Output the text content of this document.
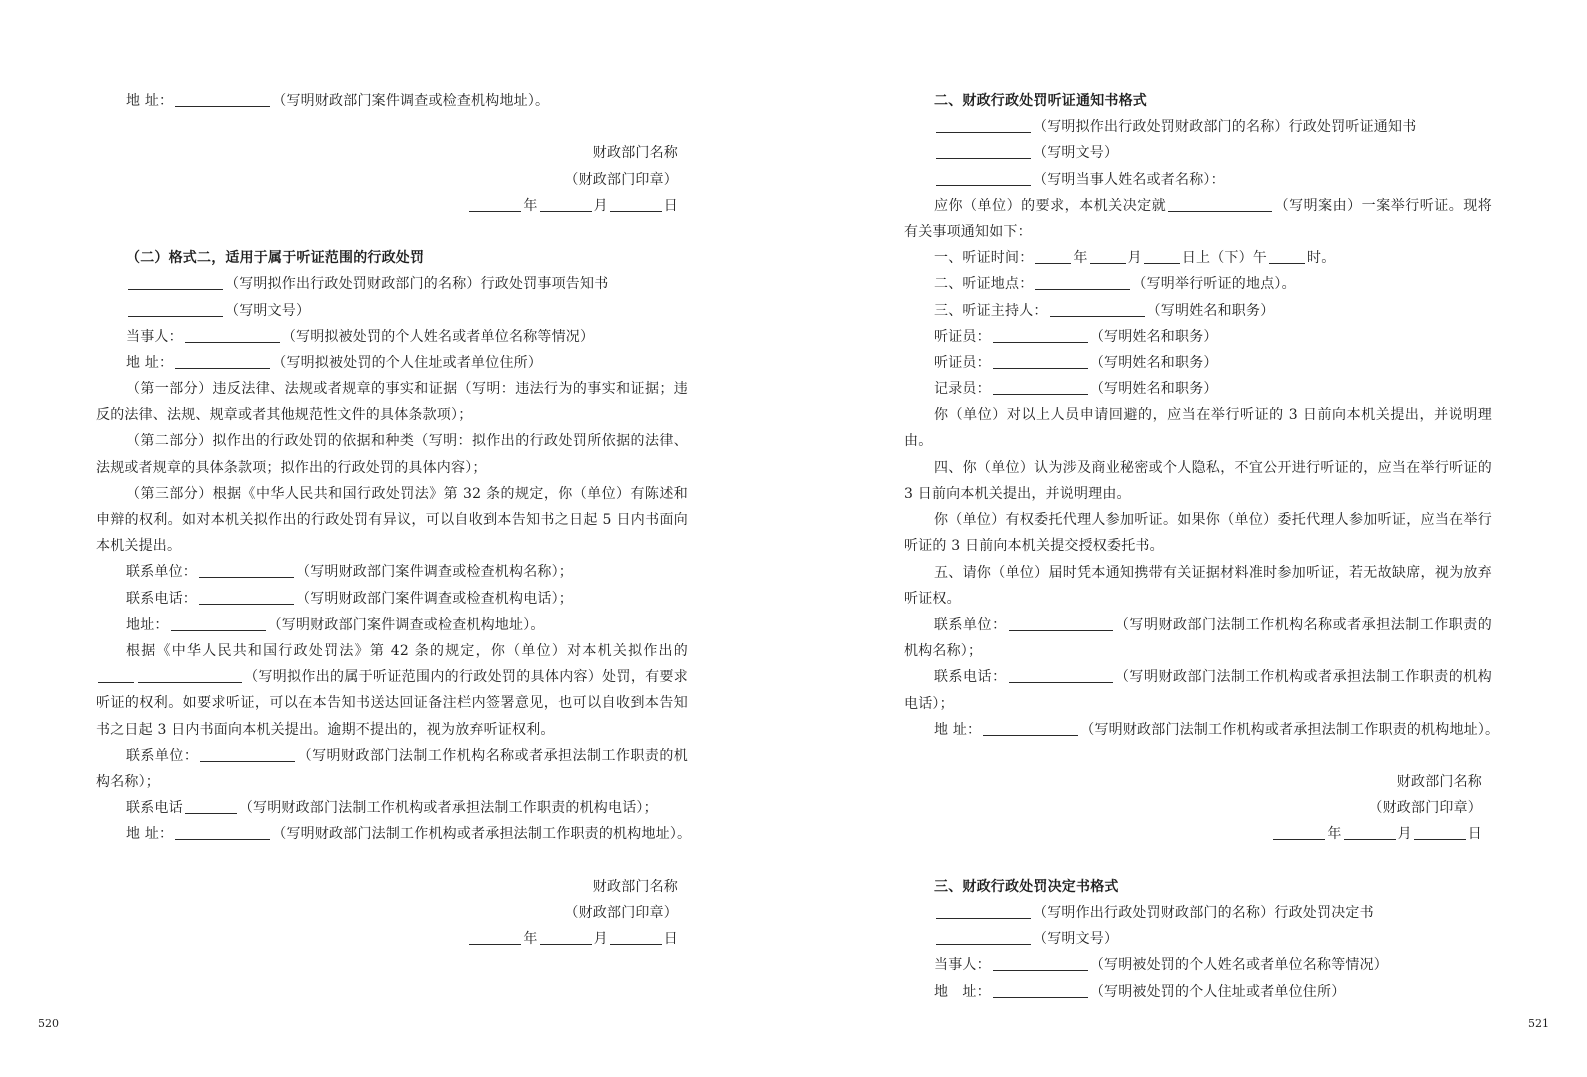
地 址：	（写明财政部门案件调查或检查机构地址）。
财政部门名称
（财政部门印章）
年	月	日
（二）格式二，适用于属于听证范围的行政处罚
（写明拟作出行政处罚财政部门的名称）行政处罚事项告知书
（写明文号）
当事人：	（写明拟被处罚的个人姓名或者单位名称等情况）
地 址：	（写明拟被处罚的个人住址或者单位住所）
（第一部分）违反法律、法规或者规章的事实和证据（写明：违法行为的事实和证据；违反的法律、法规、规章或者其他规范性文件的具体条款项）；
（第二部分）拟作出的行政处罚的依据和种类（写明：拟作出的行政处罚所依据的法律、法规或者规章的具体条款项；拟作出的行政处罚的具体内容）；
（第三部分）根据《中华人民共和国行政处罚法》第 32 条的规定，你（单位）有陈述和申辩的权利。如对本机关拟作出的行政处罚有异议，可以自收到本告知书之日起 5 日内书面向本机关提出。
联系单位：	（写明财政部门案件调查或检查机构名称）；
联系电话：	（写明财政部门案件调查或检查机构电话）；
地址：	（写明财政部门案件调查或检查机构地址）。
根据《中华人民共和国行政处罚法》第 42 条的规定，你（单位）对本机关拟作出的（写明拟作出的属于听证范围内的行政处罚的具体内容）处罚，有要求听证的权利。如要求听证，可以在本告知书送达回证备注栏内签署意见，也可以自收到本告知书之日起 3 日内书面向本机关提出。逾期不提出的，视为放弃听证权利。
联系单位：	（写明财政部门法制工作机构名称或者承担法制工作职责的机构名称）；
联系电话	（写明财政部门法制工作机构或者承担法制工作职责的机构电话）；
地 址：	（写明财政部门法制工作机构或者承担法制工作职责的机构地址）。
财政部门名称
（财政部门印章）
年	月	日
520
二、财政行政处罚听证通知书格式
（写明拟作出行政处罚财政部门的名称）行政处罚听证通知书
（写明文号）
（写明当事人姓名或者名称）：
应你（单位）的要求，本机关决定就	（写明案由）一案举行听证。现将有关事项通知如下：
一、听证时间：	年	月	日上（下）午	时。
二、听证地点：	（写明举行听证的地点）。
三、听证主持人：	（写明姓名和职务）
听证员：	（写明姓名和职务）
听证员：	（写明姓名和职务）
记录员：	（写明姓名和职务）
你（单位）对以上人员申请回避的，应当在举行听证的 3 日前向本机关提出，并说明理由。
四、你（单位）认为涉及商业秘密或个人隐私，不宜公开进行听证的，应当在举行听证的 3 日前向本机关提出，并说明理由。
你（单位）有权委托代理人参加听证。如果你（单位）委托代理人参加听证，应当在举行听证的 3 日前向本机关提交授权委托书。
五、请你（单位）届时凭本通知携带有关证据材料准时参加听证，若无故缺席，视为放弃听证权。
联系单位：	（写明财政部门法制工作机构名称或者承担法制工作职责的机构名称）；
联系电话：	（写明财政部门法制工作机构或者承担法制工作职责的机构电话）；
地 址：	（写明财政部门法制工作机构或者承担法制工作职责的机构地址）。
财政部门名称
（财政部门印章）
年	月	日
三、财政行政处罚决定书格式
（写明作出行政处罚财政部门的名称）行政处罚决定书
（写明文号）
当事人：	（写明被处罚的个人姓名或者单位名称等情况）
地　址：	（写明被处罚的个人住址或者单位住所）
521
